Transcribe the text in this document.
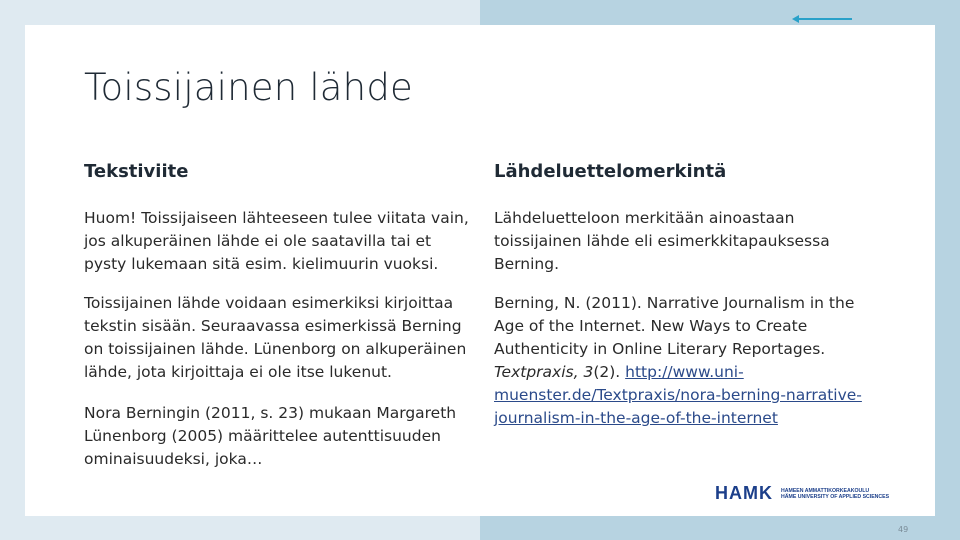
Toissijainen lähde
Tekstiviite

Huom! Toissijaiseen lähteeseen tulee viitata vain, jos alkuperäinen lähde ei ole saatavilla tai et pysty lukemaan sitä esim. kielimuurin vuoksi.

Toissijainen lähde voidaan esimerkiksi kirjoittaa tekstin sisään. Seuraavassa esimerkissä Berning on toissijainen lähde. Lünenborg on alkuperäinen lähde, jota kirjoittaja ei ole itse lukenut.

Nora Berningin (2011, s. 23) mukaan Margareth Lünenborg (2005) määrittelee autenttisuuden ominaisuudeksi, joka…

Lähdeluettelomerkintä

Lähdeluetteloon merkitään ainoastaan toissijainen lähde eli esimerkkitapauksessa Berning.

Berning, N. (2011). Narrative Journalism in the Age of the Internet. New Ways to Create Authenticity in Online Literary Reportages. Textpraxis, 3(2). http://www.uni-muenster.de/Textpraxis/nora-berning-narrative-journalism-in-the-age-of-the-internet

HAMK HAMEEN AMMATTIKORKEAKOULU
HÄME UNIVERSITY OF APPLIED SCIENCES
49
